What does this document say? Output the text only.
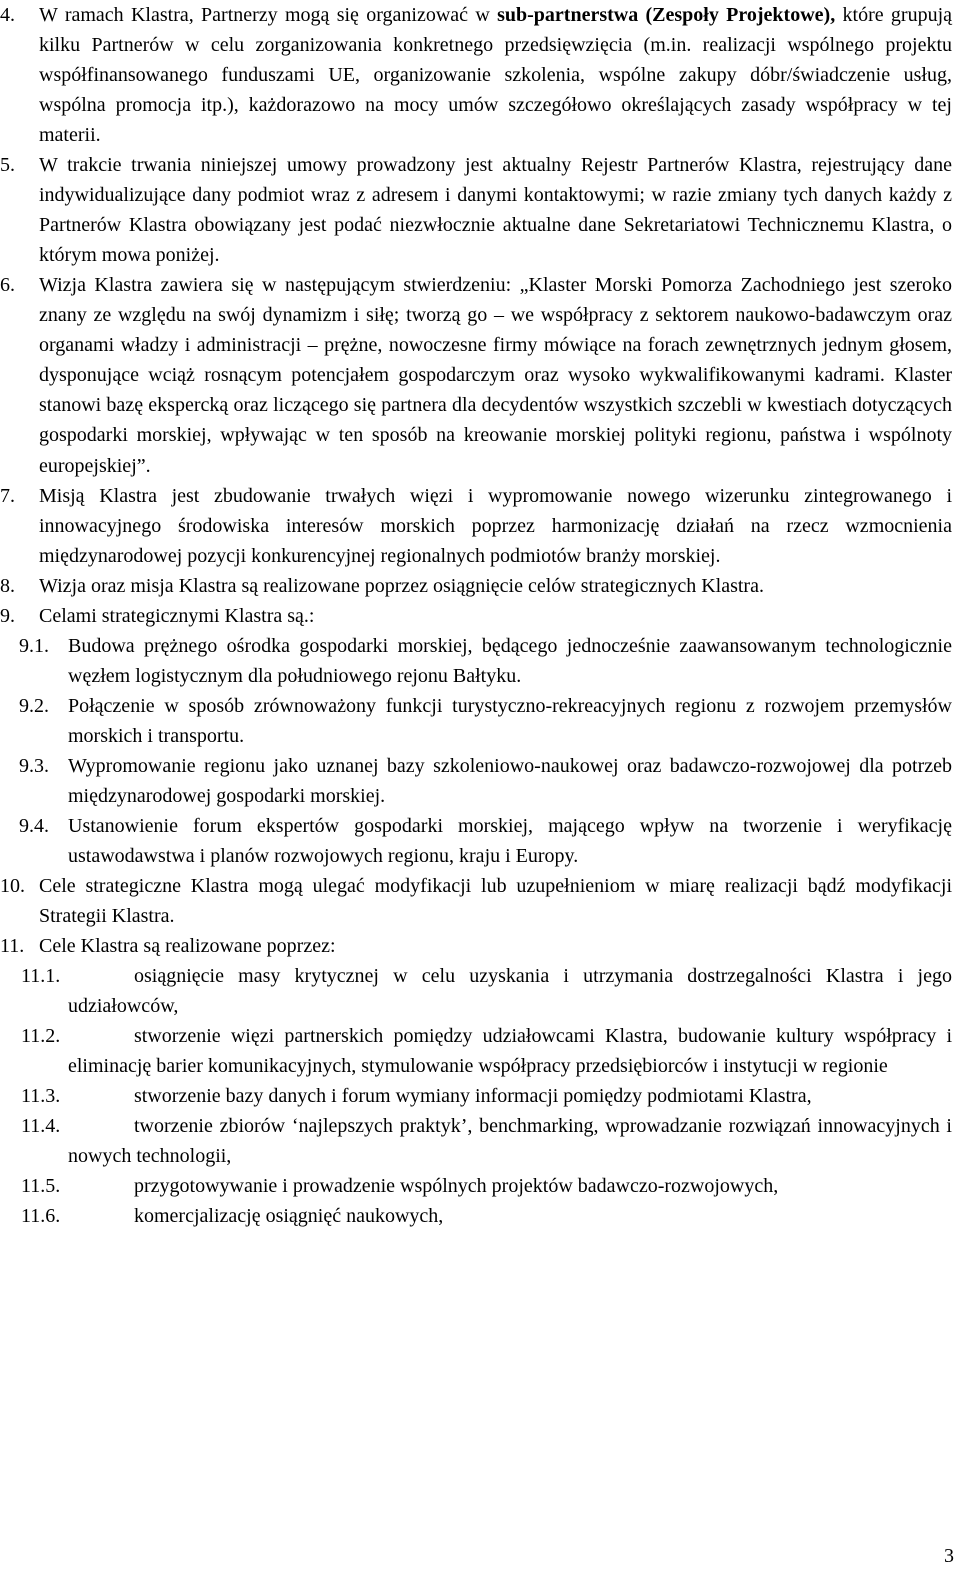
4. W ramach Klastra, Partnerzy mogą się organizować w sub-partnerstwa (Zespoły Projektowe), które grupują kilku Partnerów w celu zorganizowania konkretnego przedsięwzięcia (m.in. realizacji wspólnego projektu współfinansowanego funduszami UE, organizowanie szkolenia, wspólne zakupy dóbr/świadczenie usług, wspólna promocja itp.), każdorazowo na mocy umów szczegółowo określających zasady współpracy w tej materii.
5. W trakcie trwania niniejszej umowy prowadzony jest aktualny Rejestr Partnerów Klastra, rejestrujący dane indywidualizujące dany podmiot wraz z adresem i danymi kontaktowymi; w razie zmiany tych danych każdy z Partnerów Klastra obowiązany jest podać niezwłocznie aktualne dane Sekretariatowi Technicznemu Klastra, o którym mowa poniżej.
6. Wizja Klastra zawiera się w następującym stwierdzeniu: „Klaster Morski Pomorza Zachodniego jest szeroko znany ze względu na swój dynamizm i siłę; tworzą go – we współpracy z sektorem naukowo-badawczym oraz organami władzy i administracji – prężne, nowoczesne firmy mówiące na forach zewnętrznych jednym głosem, dysponujące wciąż rosnącym potencjałem gospodarczym oraz wysoko wykwalifikowanymi kadrami. Klaster stanowi bazę ekspercką oraz liczącego się partnera dla decydentów wszystkich szczebli w kwestiach dotyczących gospodarki morskiej, wpływając w ten sposób na kreowanie morskiej polityki regionu, państwa i wspólnoty europejskiej”.
7. Misją Klastra jest zbudowanie trwałych więzi i wypromowanie nowego wizerunku zintegrowanego i innowacyjnego środowiska interesów morskich poprzez harmonizację działań na rzecz wzmocnienia międzynarodowej pozycji konkurencyjnej regionalnych podmiotów branży morskiej.
8. Wizja oraz misja Klastra są realizowane poprzez osiągnięcie celów strategicznych Klastra.
9. Celami strategicznymi Klastra są.:
9.1. Budowa prężnego ośrodka gospodarki morskiej, będącego jednocześnie zaawansowanym technologicznie węzłem logistycznym dla południowego rejonu Bałtyku.
9.2. Połączenie w sposób zrównoważony funkcji turystyczno-rekreacyjnych regionu z rozwojem przemysłów morskich i transportu.
9.3. Wypromowanie regionu jako uznanej bazy szkoleniowo-naukowej oraz badawczo-rozwojowej dla potrzeb międzynarodowej gospodarki morskiej.
9.4. Ustanowienie forum ekspertów gospodarki morskiej, mającego wpływ na tworzenie i weryfikację ustawodawstwa i planów rozwojowych regionu, kraju i Europy.
10. Cele strategiczne Klastra mogą ulegać modyfikacji lub uzupełnieniom w miarę realizacji bądź modyfikacji Strategii Klastra.
11. Cele Klastra są realizowane poprzez:
11.1.	osiągnięcie masy krytycznej w celu uzyskania i utrzymania dostrzegalności Klastra i jego udziałowców,
11.2.	stworzenie więzi partnerskich pomiędzy udziałowcami Klastra, budowanie kultury współpracy i eliminację barier komunikacyjnych, stymulowanie współpracy przedsiębiorców i instytucji w regionie
11.3.	stworzenie bazy danych i forum wymiany informacji pomiędzy podmiotami Klastra,
11.4.	tworzenie zbiorów ‘najlepszych praktyk’, benchmarking, wprowadzanie rozwiązań innowacyjnych i nowych technologii,
11.5.	przygotowywanie i prowadzenie wspólnych projektów badawczo-rozwojowych,
11.6.	komercjalizację osiągnięć naukowych,
3
